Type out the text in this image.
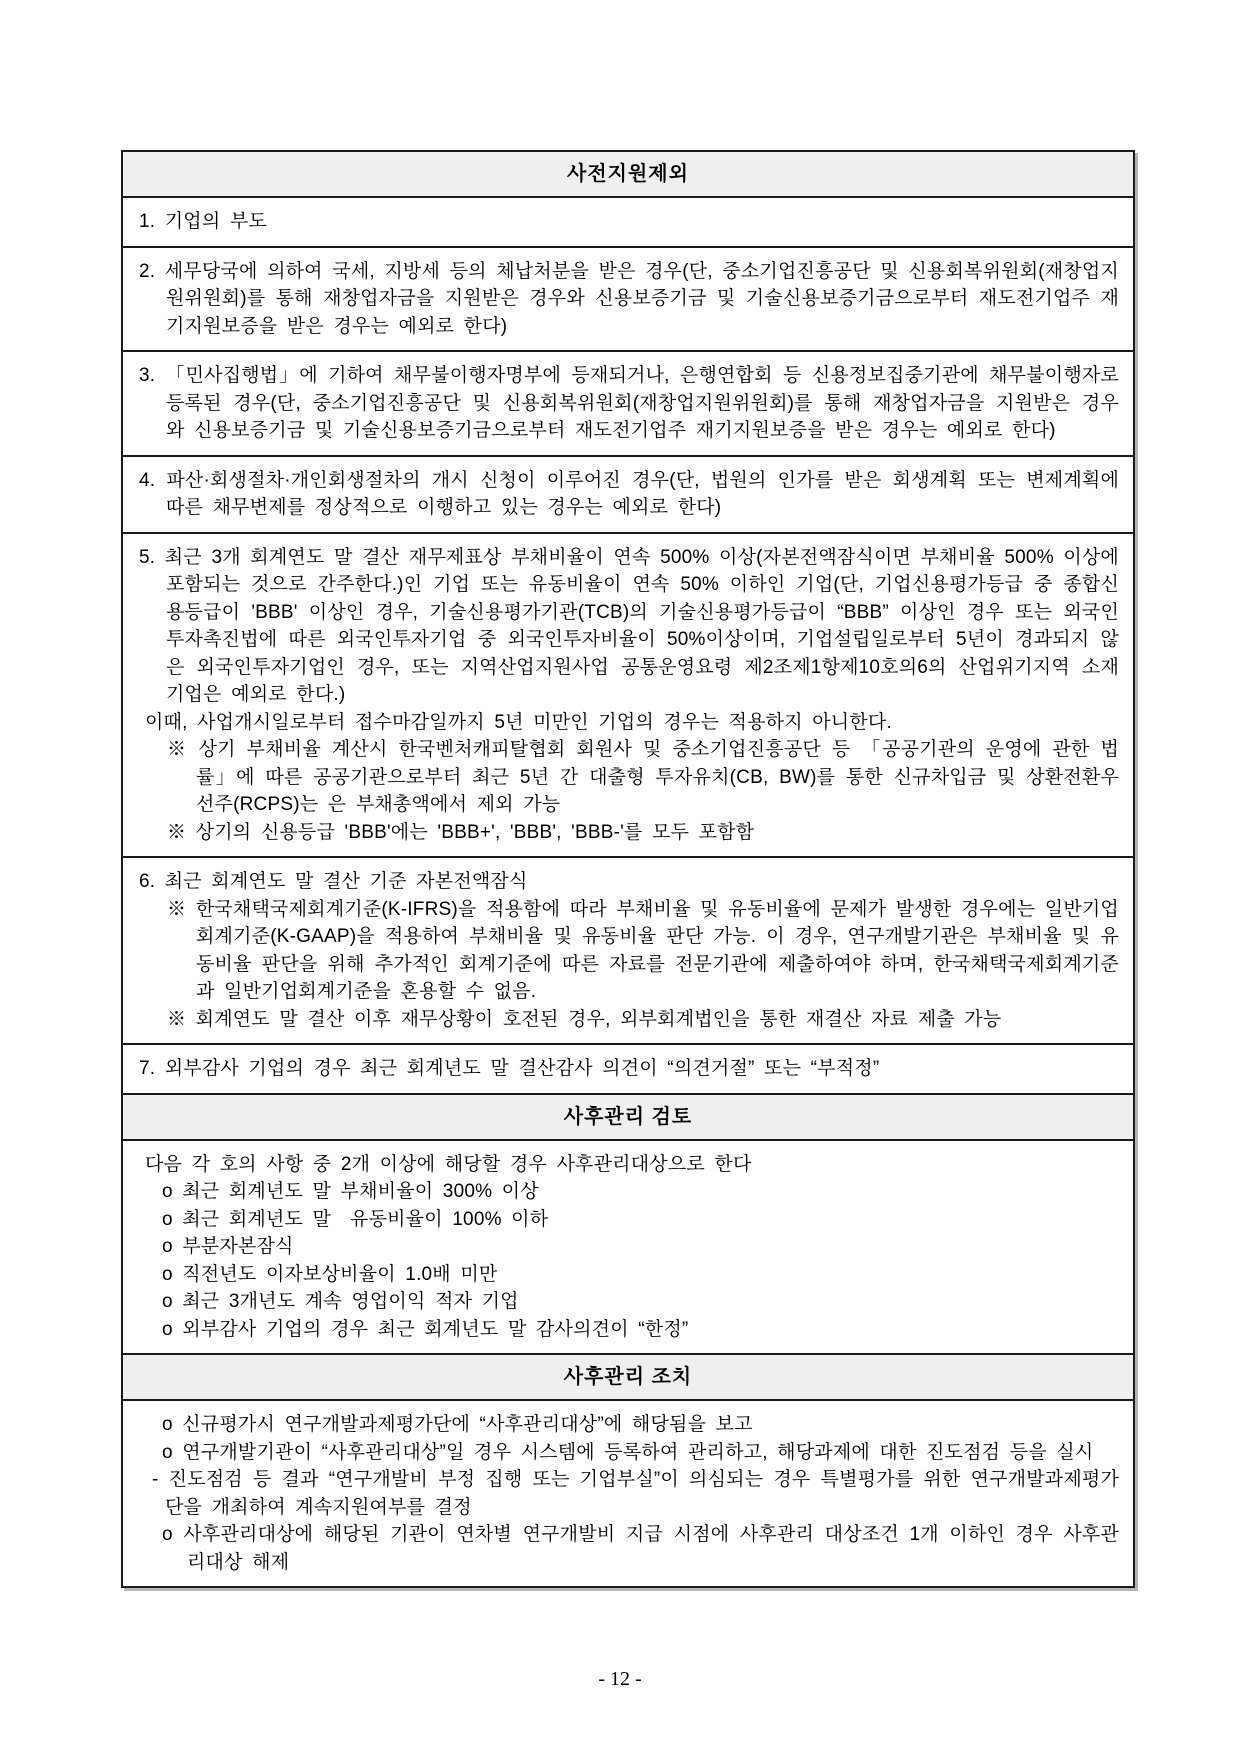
사전지원제외

1. 기업의 부도

2. 세무당국에 의하여 국세, 지방세 등의 체납처분을 받은 경우(단, 중소기업진흥공단 및 신용회복위원회(재창업지원위원회)를 통해 재창업자금을 지원받은 경우와 신용보증기금 및 기술신용보증기금으로부터 재도전기업주 재기지원보증을 받은 경우는 예외로 한다)

3. 「민사집행법」에 기하여 채무불이행자명부에 등재되거나, 은행연합회 등 신용정보집중기관에 채무불이행자로 등록된 경우(단, 중소기업진흥공단 및 신용회복위원회(재창업지원위원회)를 통해 재창업자금을 지원받은 경우와 신용보증기금 및 기술신용보증기금으로부터 재도전기업주 재기지원보증을 받은 경우는 예외로 한다)

4. 파산·회생절차·개인회생절차의 개시 신청이 이루어진 경우(단, 법원의 인가를 받은 회생계획 또는 변제계획에 따른 채무변제를 정상적으로 이행하고 있는 경우는 예외로 한다)

5. 최근 3개 회계연도 말 결산 재무제표상 부채비율이 연속 500% 이상(자본전액잠식이면 부채비율 500% 이상에 포함되는 것으로 간주한다.)인 기업 또는 유동비율이 연속 50% 이하인 기업(단, 기업신용평가등급 중 종합신용등급이 'BBB' 이상인 경우, 기술신용평가기관(TCB)의 기술신용평가등급이 “BBB” 이상인 경우 또는 외국인투자촉진법에 따른 외국인투자기업 중 외국인투자비율이 50%이상이며, 기업설립일로부터 5년이 경과되지 않은 외국인투자기업인 경우, 또는 지역산업지원사업 공통운영요령 제2조제1항제10호의6의 산업위기지역 소재 기업은 예외로 한다.)

이때, 사업개시일로부터 접수마감일까지 5년 미만인 기업의 경우는 적용하지 아니한다.

※ 상기 부채비율 계산시 한국벤처캐피탈협회 회원사 및 중소기업진흥공단 등 「공공기관의 운영에 관한 법률」에 따른 공공기관으로부터 최근 5년 간 대출형 투자유치(CB, BW)를 통한 신규차입금 및 상환전환우선주(RCPS)는 은 부채총액에서 제외 가능

※ 상기의 신용등급 'BBB'에는 'BBB+', 'BBB', 'BBB-'를 모두 포함함

6. 최근 회계연도 말 결산 기준 자본전액잠식

※ 한국채택국제회계기준(K-IFRS)을 적용함에 따라 부채비율 및 유동비율에 문제가 발생한 경우에는 일반기업회계기준(K-GAAP)을 적용하여 부채비율 및 유동비율 판단 가능. 이 경우, 연구개발기관은 부채비율 및 유동비율 판단을 위해 추가적인 회계기준에 따른 자료를 전문기관에 제출하여야 하며, 한국채택국제회계기준과 일반기업회계기준을 혼용할 수 없음.

※ 회계연도 말 결산 이후 재무상황이 호전된 경우, 외부회계법인을 통한 재결산 자료 제출 가능

7. 외부감사 기업의 경우 최근 회계년도 말 결산감사 의견이 “의견거절” 또는 “부적정”

사후관리 검토

다음 각 호의 사항 중 2개 이상에 해당할 경우 사후관리대상으로 한다

o 최근 회계년도 말 부채비율이 300% 이상

o 최근 회계년도 말  유동비율이 100% 이하

o 부분자본잠식

o 직전년도 이자보상비율이 1.0배 미만

o 최근 3개년도 계속 영업이익 적자 기업

o 외부감사 기업의 경우 최근 회계년도 말 감사의견이 “한정”

사후관리 조치

o 신규평가시 연구개발과제평가단에 “사후관리대상”에 해당됨을 보고

o 연구개발기관이 “사후관리대상”일 경우 시스템에 등록하여 관리하고, 해당과제에 대한 진도점검 등을 실시

- 진도점검 등 결과 “연구개발비 부정 집행 또는 기업부실”이 의심되는 경우 특별평가를 위한 연구개발과제평가단을 개최하여 계속지원여부를 결정

o 사후관리대상에 해당된 기관이 연차별 연구개발비 지급 시점에 사후관리 대상조건 1개 이하인 경우 사후관리대상 해제

- 12 -
